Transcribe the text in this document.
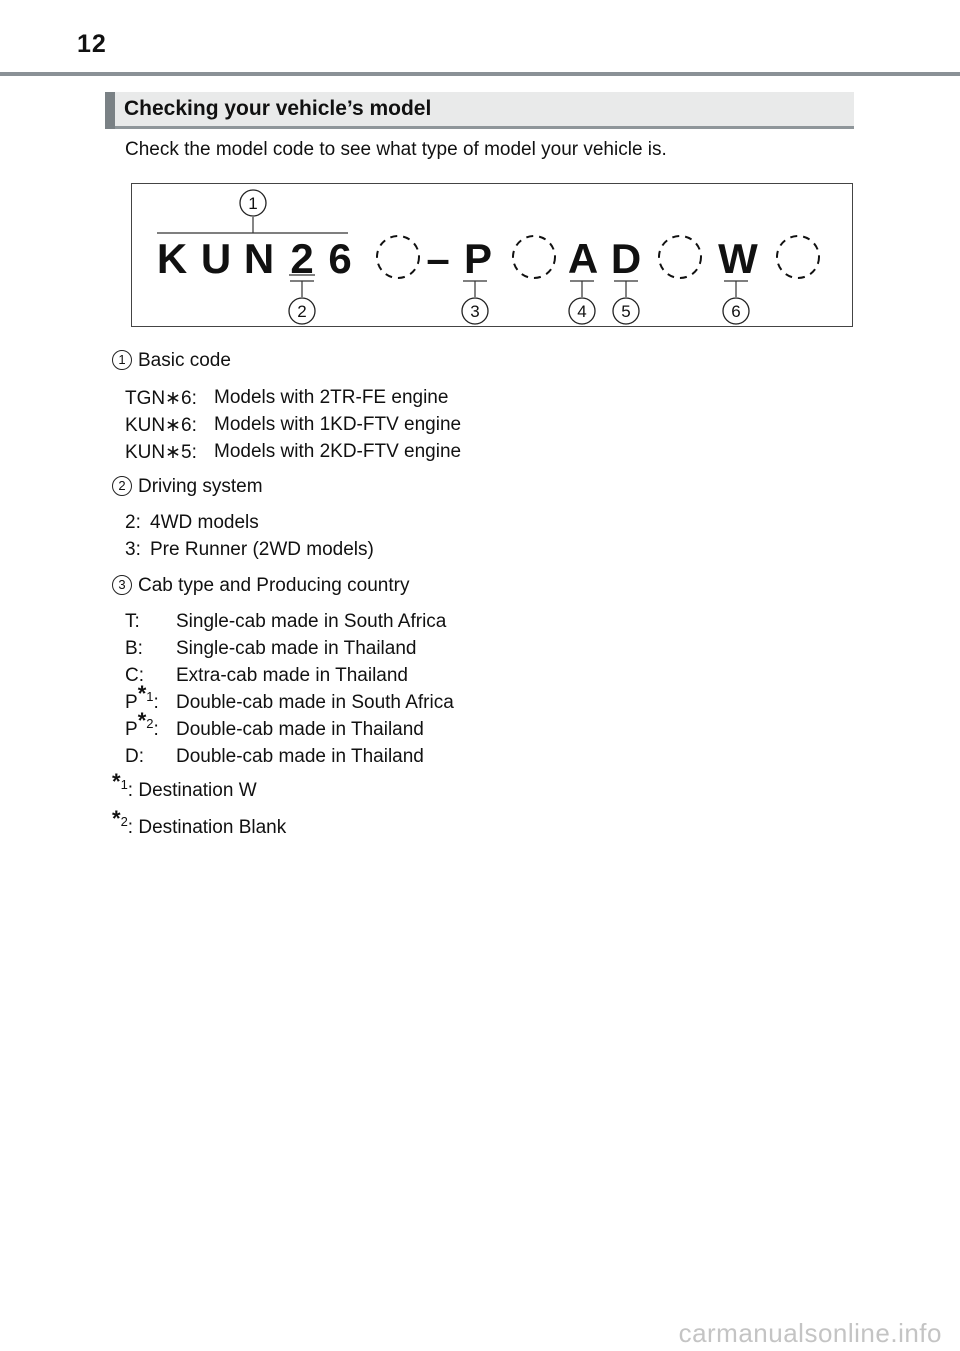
12
Checking your vehicle’s model
Check the model code to see what type of model your vehicle is.
1
K U N 2 6 – P A D W
2	3	4 5	6
1 Basic code
TGN∗6: Models with 2TR-FE engine
KUN∗6: Models with 1KD-FTV engine
KUN∗5: Models with 2KD-FTV engine
2 Driving system
2: 4WD models
3: Pre Runner (2WD models)
3 Cab type and Producing country
T: Single-cab made in South Africa
B: Single-cab made in Thailand
C: Extra-cab made in Thailand
$P^{*1}$: Double-cab made in South Africa
$P^{*2}$: Double-cab made in Thailand
D: Double-cab made in Thailand
$^{*1}$: Destination W
$^{*2}$: Destination Blank
carmanualsonline.info
